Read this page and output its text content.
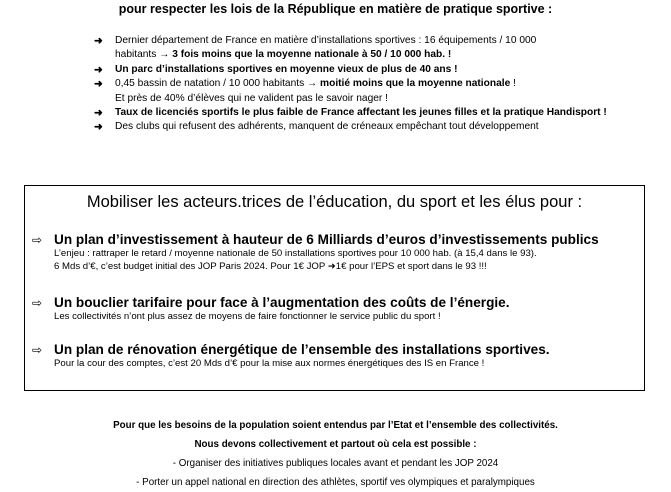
pour respecter les lois de la République en matière de pratique sportive :
➜ Dernier département de France en matière d’installations sportives : 16 équipements / 10 000
habitants → 3 fois moins que la moyenne nationale à 50 / 10 000 hab. !
➜ Un parc d’installations sportives en moyenne vieux de plus de 40 ans !
➜ 0,45 bassin de natation / 10 000 habitants → moitié moins que la moyenne nationale !
Et près de 40% d’élèves qui ne valident pas le savoir nager !
➜ Taux de licenciés sportifs le plus faible de France affectant les jeunes filles et la pratique Handisport !
➜ Des clubs qui refusent des adhérents, manquent de créneaux empêchant tout développement
Mobiliser les acteurs.trices de l’éducation, du sport et les élus pour :
⇨ Un plan d’investissement à hauteur de 6 Milliards d’euros d’investissements publics
L’enjeu : rattraper le retard / moyenne nationale de 50 installations sportives pour 10 000 hab. (à 15,4 dans le 93).
6 Mds d’€, c’est budget initial des JOP Paris 2024. Pour 1€ JOP ➜1€ pour l’EPS et sport dans le 93 !!!
⇨ Un bouclier tarifaire pour face à l’augmentation des coûts de l’énergie.
Les collectivités n’ont plus assez de moyens de faire fonctionner le service public du sport !
⇨ Un plan de rénovation énergétique de l’ensemble des installations sportives.
Pour la cour des comptes, c’est 20 Mds d’€ pour la mise aux normes énergétiques des IS en France !
Pour que les besoins de la population soient entendus par l’Etat et l’ensemble des collectivités.
Nous devons collectivement et partout où cela est possible :
- Organiser des initiatives publiques locales avant et pendant les JOP 2024
- Porter un appel national en direction des athlètes, sportif ves olympiques et paralympiques
